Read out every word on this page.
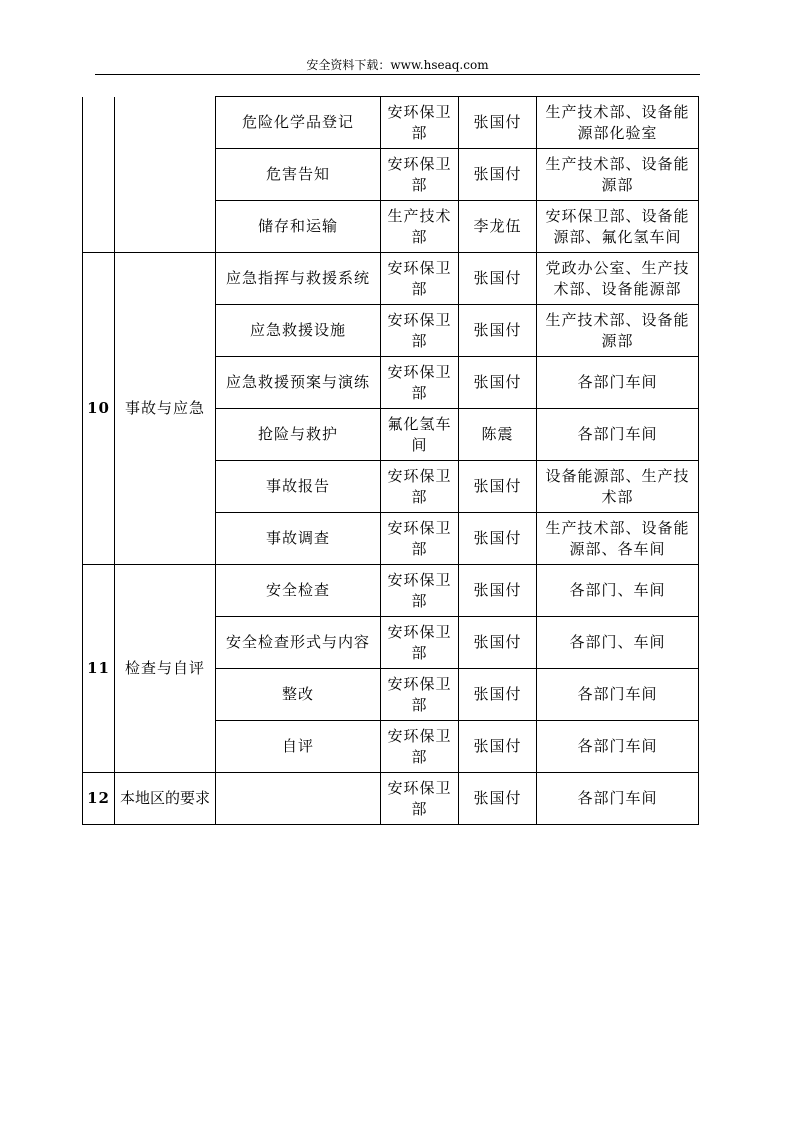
安全资料下载：www.hseaq.com
		危险化学品登记	安环保卫部	张国付	生产技术部、设备能源部化验室
		危害告知	安环保卫部	张国付	生产技术部、设备能源部
		储存和运输	生产技术部	李龙伍	安环保卫部、设备能源部、氟化氢车间
10	事故与应急	应急指挥与救援系统	安环保卫部	张国付	党政办公室、生产技术部、设备能源部
		应急救援设施	安环保卫部	张国付	生产技术部、设备能源部
		应急救援预案与演练	安环保卫部	张国付	各部门车间
		抢险与救护	氟化氢车间	陈震	各部门车间
		事故报告	安环保卫部	张国付	设备能源部、生产技术部
		事故调查	安环保卫部	张国付	生产技术部、设备能源部、各车间
11	检查与自评	安全检查	安环保卫部	张国付	各部门、车间
		安全检查形式与内容	安环保卫部	张国付	各部门、车间
		整改	安环保卫部	张国付	各部门车间
		自评	安环保卫部	张国付	各部门车间
12	本地区的要求		安环保卫部	张国付	各部门车间
